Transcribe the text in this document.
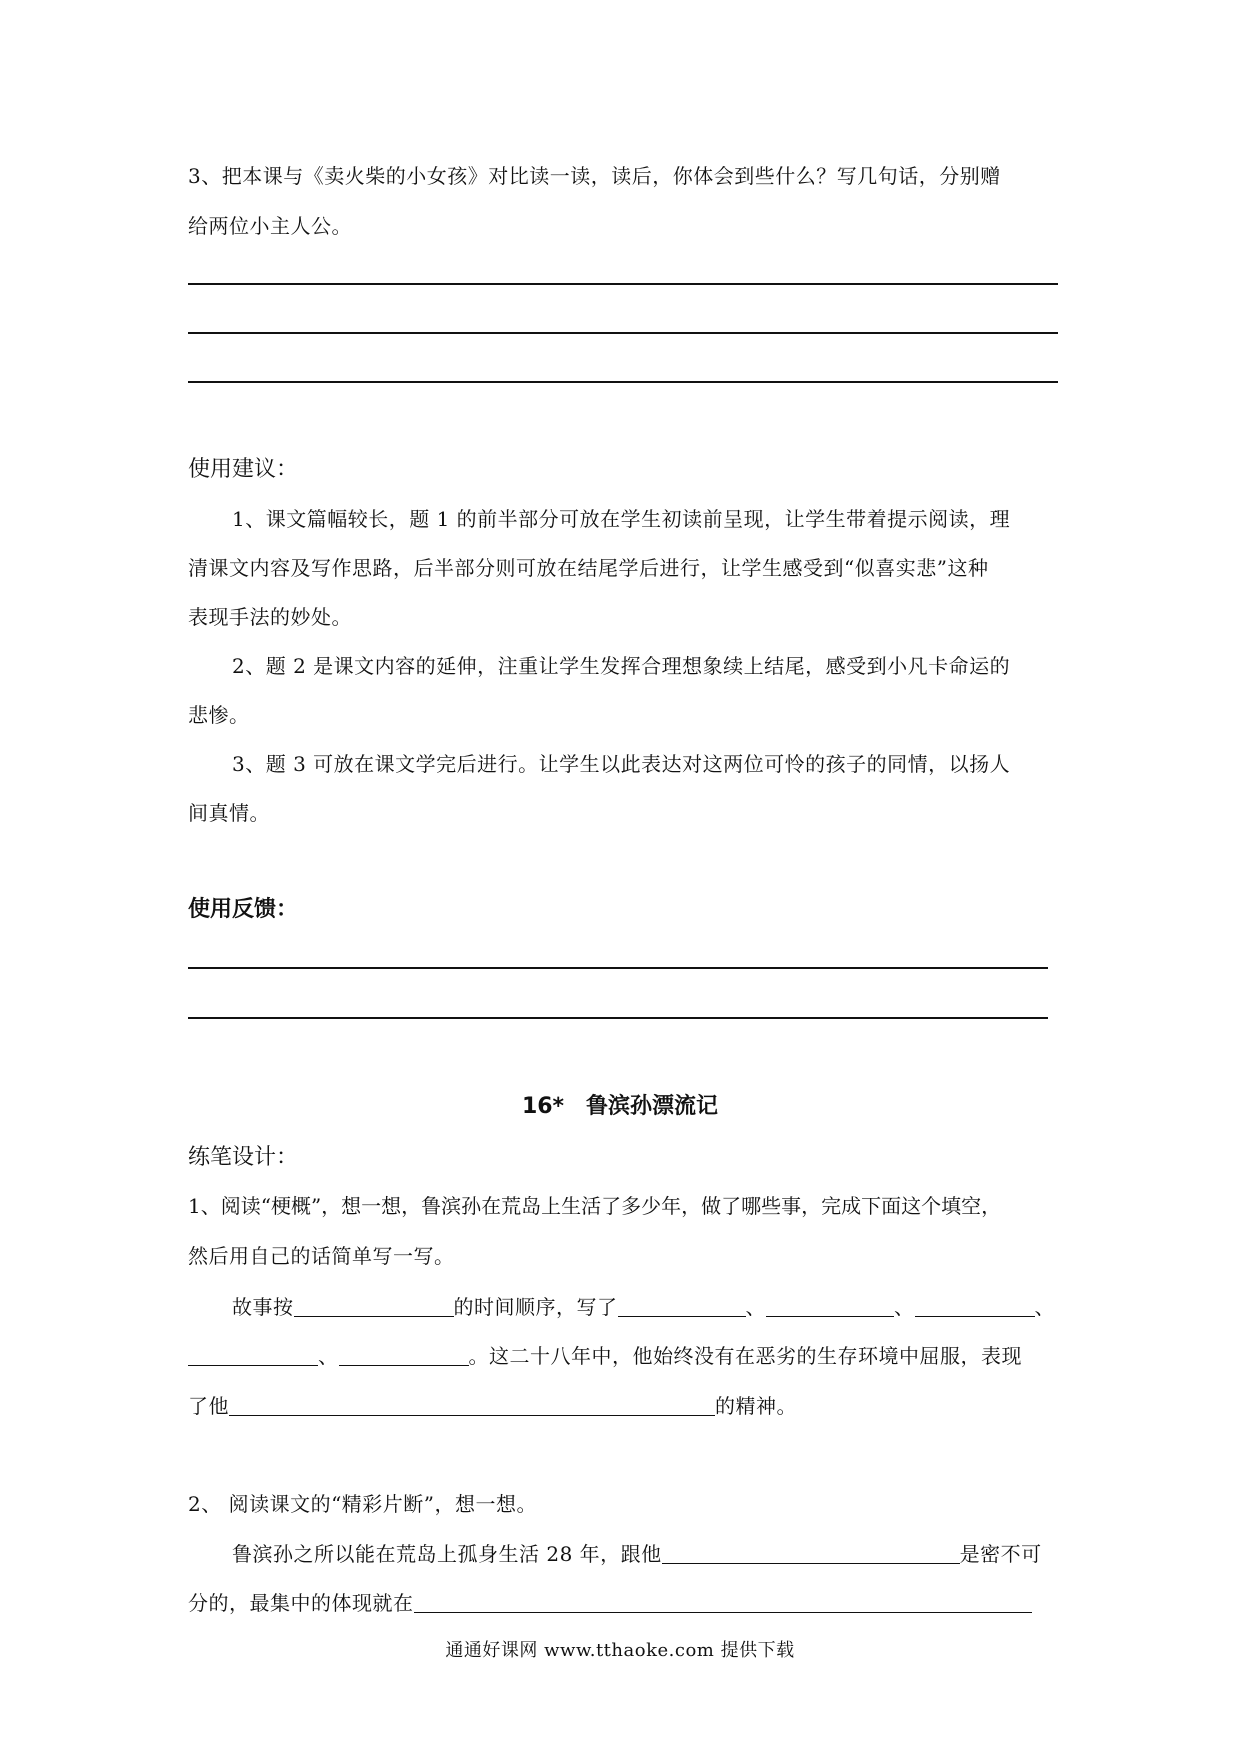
3、把本课与《卖火柴的小女孩》对比读一读，读后，你体会到些什么？写几句话，分别赠
给两位小主人公。
使用建议：
1、课文篇幅较长，题 1 的前半部分可放在学生初读前呈现，让学生带着提示阅读，理
清课文内容及写作思路，后半部分则可放在结尾学后进行，让学生感受到“似喜实悲”这种
表现手法的妙处。
2、题 2 是课文内容的延伸，注重让学生发挥合理想象续上结尾，感受到小凡卡命运的
悲惨。
3、题 3 可放在课文学完后进行。让学生以此表达对这两位可怜的孩子的同情，以扬人
间真情。
使用反馈：
16*　鲁滨孙漂流记
练笔设计：
1、阅读“梗概”，想一想，鲁滨孙在荒岛上生活了多少年，做了哪些事，完成下面这个填空，
然后用自己的话简单写一写。
故事按	的时间顺序，写了	、	、	、
、	。这二十八年中，他始终没有在恶劣的生存环境中屈服，表现
了他	的精神。
2、 阅读课文的“精彩片断”，想一想。
鲁滨孙之所以能在荒岛上孤身生活 28 年，跟他	是密不可
分的，最集中的体现就在
通通好课网 www.tthaoke.com 提供下载
